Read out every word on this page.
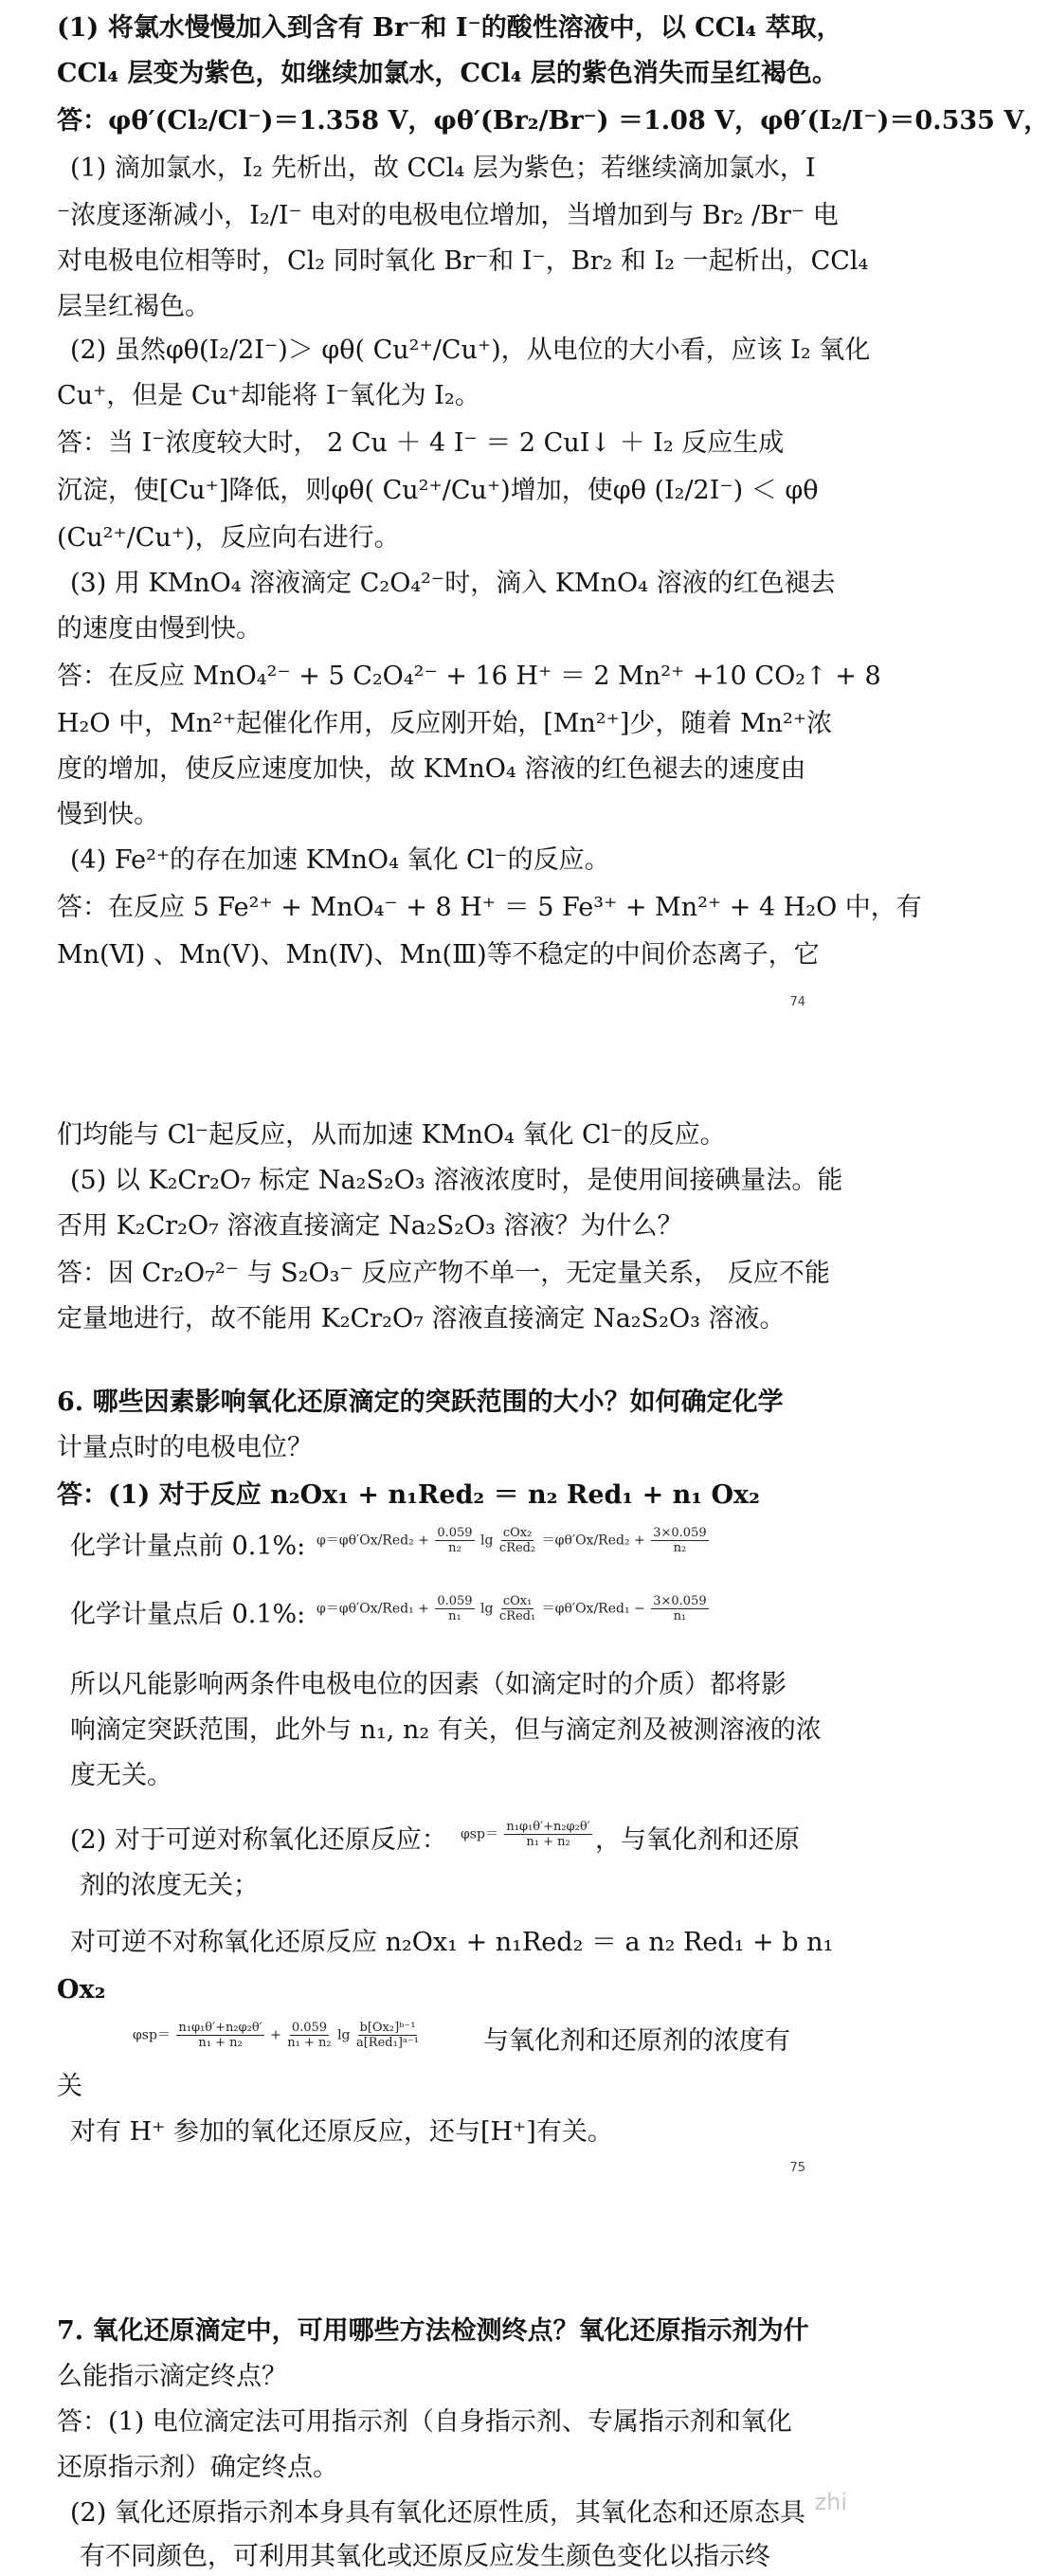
(1) 将氯水慢慢加入到含有 Br⁻和 I⁻的酸性溶液中，以 CCl₄ 萃取，
CCl₄ 层变为紫色，如继续加氯水，CCl₄ 层的紫色消失而呈红褐色。
答：φθ′(Cl₂/Cl⁻)＝1.358 V，φθ′(Br₂/Br⁻) ＝1.08 V，φθ′(I₂/I⁻)＝0.535 V，
(1) 滴加氯水，I₂ 先析出，故 CCl₄ 层为紫色；若继续滴加氯水，I
⁻浓度逐渐减小，I₂/I⁻ 电对的电极电位增加，当增加到与 Br₂ /Br⁻ 电
对电极电位相等时，Cl₂ 同时氧化 Br⁻和 I⁻，Br₂ 和 I₂ 一起析出，CCl₄
层呈红褐色。
(2) 虽然φθ(I₂/2I⁻)＞ φθ( Cu²⁺/Cu⁺)，从电位的大小看，应该 I₂ 氧化
Cu⁺，但是 Cu⁺却能将 I⁻氧化为 I₂。
答：当 I⁻浓度较大时， 2 Cu ＋ 4 I⁻ ＝ 2 CuI↓ ＋ I₂ 反应生成
沉淀，使[Cu⁺]降低，则φθ( Cu²⁺/Cu⁺)增加，使φθ (I₂/2I⁻) ＜ φθ
(Cu²⁺/Cu⁺)，反应向右进行。
(3) 用 KMnO₄ 溶液滴定 C₂O₄²⁻时，滴入 KMnO₄ 溶液的红色褪去
的速度由慢到快。
答：在反应 MnO₄²⁻ + 5 C₂O₄²⁻ + 16 H⁺ ＝ 2 Mn²⁺ +10 CO₂↑ + 8
H₂O 中，Mn²⁺起催化作用，反应刚开始，[Mn²⁺]少，随着 Mn²⁺浓
度的增加，使反应速度加快，故 KMnO₄ 溶液的红色褪去的速度由
慢到快。
(4) Fe²⁺的存在加速 KMnO₄ 氧化 Cl⁻的反应。
答：在反应 5 Fe²⁺ + MnO₄⁻ + 8 H⁺ ＝ 5 Fe³⁺ + Mn²⁺ + 4 H₂O 中，有
Mn(Ⅵ) 、Mn(Ⅴ)、Mn(Ⅳ)、Mn(Ⅲ)等不稳定的中间价态离子，它
74
们均能与 Cl⁻起反应，从而加速 KMnO₄ 氧化 Cl⁻的反应。
(5) 以 K₂Cr₂O₇ 标定 Na₂S₂O₃ 溶液浓度时，是使用间接碘量法。能
否用 K₂Cr₂O₇ 溶液直接滴定 Na₂S₂O₃ 溶液？为什么？
答：因 Cr₂O₇²⁻ 与 S₂O₃⁻ 反应产物不单一，无定量关系， 反应不能
定量地进行，故不能用 K₂Cr₂O₇ 溶液直接滴定 Na₂S₂O₃ 溶液。
6. 哪些因素影响氧化还原滴定的突跃范围的大小？如何确定化学
计量点时的电极电位？
答：(1) 对于反应 n₂Ox₁ + n₁Red₂ ＝ n₂ Red₁ + n₁ Ox₂
化学计量点前 0.1%: $\varphi=\varphi\theta'Ox/Red_2 + \frac{0.059}{\text{n₂}}$ $\lg \frac{\text{cOx₂}}{\text{cRed₂}} =\varphi\theta'Ox/Red_2 + \frac{3\times 0.059}{\text{n₂}}$
化学计量点后 0.1%: $\varphi=\varphi\theta'Ox/Red_1 + \frac{0.059}{\text{n₁}}$ $\lg \frac{\text{cOx₁}}{\text{cRed₁}} =\varphi\theta'Ox/Red_1 - \frac{3\times 0.059}{\text{n₁}}$
所以凡能影响两条件电极电位的因素（如滴定时的介质）都将影
响滴定突跃范围，此外与 n₁, n₂ 有关，但与滴定剂及被测溶液的浓
度无关。
(2) 对于可逆对称氧化还原反应：	$\varphi sp= \frac{\text{n₁φ₁θ′+n₂φ₂θ′}}{\text{n₁ + n₂}}$ ，与氧化剂和还原
剂的浓度无关；
对可逆不对称氧化还原反应 n₂Ox₁ + n₁Red₂ ＝ a n₂ Red₁ + b n₁
Ox₂
$\varphi sp= \frac{\text{n₁φ₁θ′+n₂φ₂θ′}}{\text{n₁ + n₂}} + \frac{0.059}{\text{n₁ + n₂}}$ $\lg \frac{\text{b[Ox₂]ᵇ⁻¹}}{\text{a[Red₁]ᵃ⁻¹}}$	与氧化剂和还原剂的浓度有
关
对有 H⁺ 参加的氧化还原反应，还与[H⁺]有关。
75
7. 氧化还原滴定中，可用哪些方法检测终点？氧化还原指示剂为什
么能指示滴定终点？
答：(1) 电位滴定法可用指示剂（自身指示剂、专属指示剂和氧化
还原指示剂）确定终点。
(2) 氧化还原指示剂本身具有氧化还原性质，其氧化态和还原态具
有不同颜色，可利用其氧化或还原反应发生颜色变化以指示终
zhi
